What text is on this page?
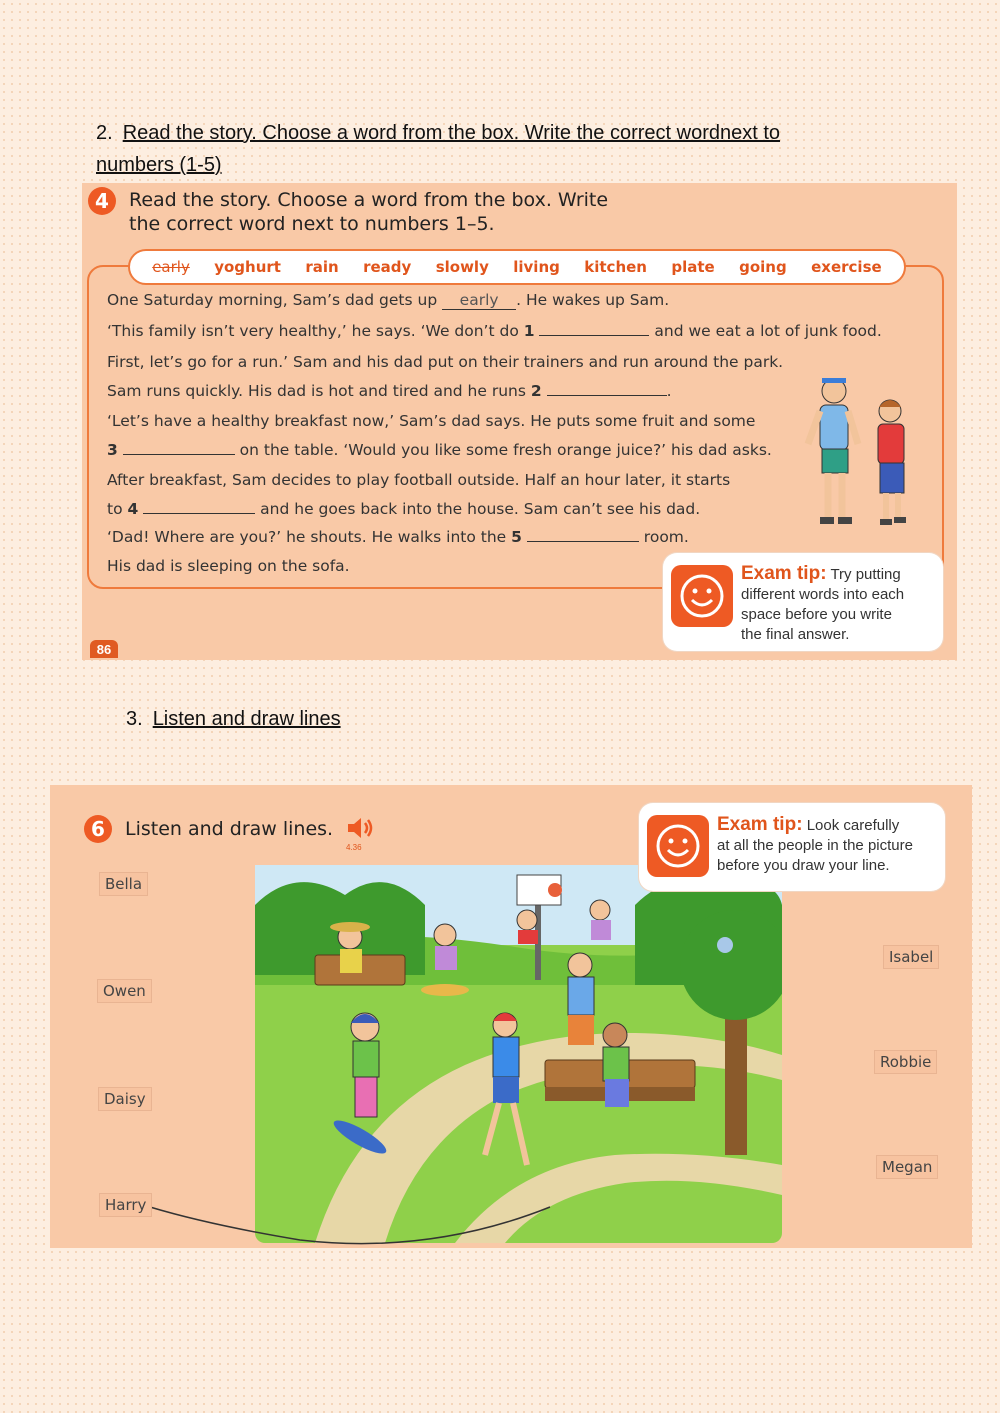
2. Read the story. Choose a word from the box. Write the correct wordnext to
numbers (1-5)
4	Read the story. Choose a word from the box. Write
the correct word next to numbers 1–5.
One Saturday morning, Sam’s dad gets up early . He wakes up Sam.
‘This family isn’t very healthy,’ he says. ‘We don’t do 1	and we eat a lot of junk food.
First, let’s go for a run.’ Sam and his dad put on their trainers and run around the park.
Sam runs quickly. His dad is hot and tired and he runs 2	.
‘Let’s have a healthy breakfast now,’ Sam’s dad says. He puts some fruit and some
3	on the table. ‘Would you like some fresh orange juice?’ his dad asks.
After breakfast, Sam decides to play football outside. Half an hour later, it starts
to 4	and he goes back into the house. Sam can’t see his dad.
‘Dad! Where are you?’ he shouts. He walks into the 5	room.
His dad is sleeping on the sofa.
early yoghurt rain ready slowly living kitchen plate going exercise
Exam tip: Try putting
different words into each
space before you write
the final answer.
86
3. Listen and draw lines
6	Listen and draw lines.
4.36
Bella
Owen
Daisy
Harry
Isabel
Robbie
Megan
Exam tip: Look carefully
at all the people in the picture
before you draw your line.
